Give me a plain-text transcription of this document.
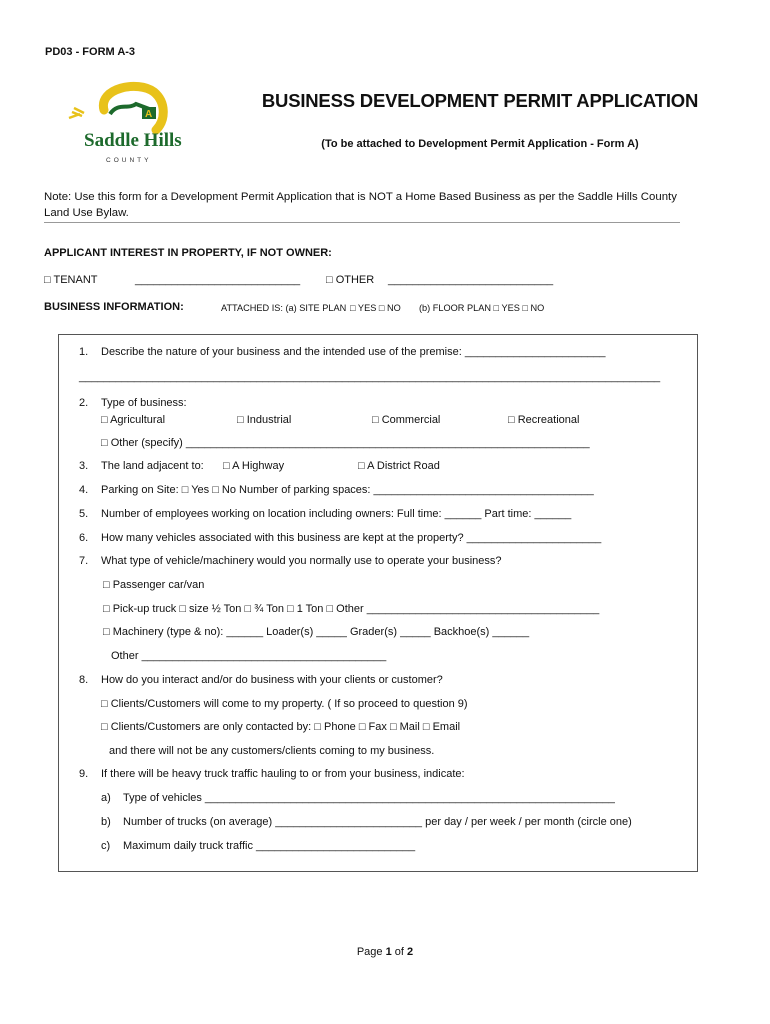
PD03 - FORM A-3
A
Saddle Hills
COUNTY
BUSINESS DEVELOPMENT PERMIT APPLICATION
(To be attached to Development Permit Application - Form A)
Note: Use this form for a Development Permit Application that is NOT a Home Based Business as per the Saddle Hills County Land Use Bylaw.
APPLICANT INTEREST IN PROPERTY, IF NOT OWNER:
□ TENANT	___________________________ □ OTHER ___________________________
BUSINESS INFORMATION:	ATTACHED IS: (a) SITE PLAN □ YES □ NO (b) FLOOR PLAN □ YES □ NO
1. Describe the nature of your business and the intended use of the premise: _______________________
_______________________________________________________________________________________________
2. Type of business:
□ Agricultural	□ Industrial	□ Commercial	□ Recreational
□ Other (specify) __________________________________________________________________
3. The land adjacent to: □ A Highway	□ A District Road
4. Parking on Site: □ Yes □ No Number of parking spaces: ____________________________________
5. Number of employees working on location including owners: Full time: ______ Part time: ______
6. How many vehicles associated with this business are kept at the property? ______________________
7. What type of vehicle/machinery would you normally use to operate your business?
□ Passenger car/van
□ Pick-up truck □ size ½ Ton □ ¾ Ton □ 1 Ton □ Other ______________________________________
□ Machinery (type & no): ______ Loader(s) _____ Grader(s) _____ Backhoe(s) ______
Other ________________________________________
8. How do you interact and/or do business with your clients or customer?
□ Clients/Customers will come to my property. ( If so proceed to question 9)
□ Clients/Customers are only contacted by: □ Phone □ Fax □ Mail □ Email
and there will not be any customers/clients coming to my business.
9. If there will be heavy truck traffic hauling to or from your business, indicate:
a) Type of vehicles ___________________________________________________________________
b) Number of trucks (on average) ________________________ per day / per week / per month (circle one)
c) Maximum daily truck traffic __________________________
Page 1 of 2
